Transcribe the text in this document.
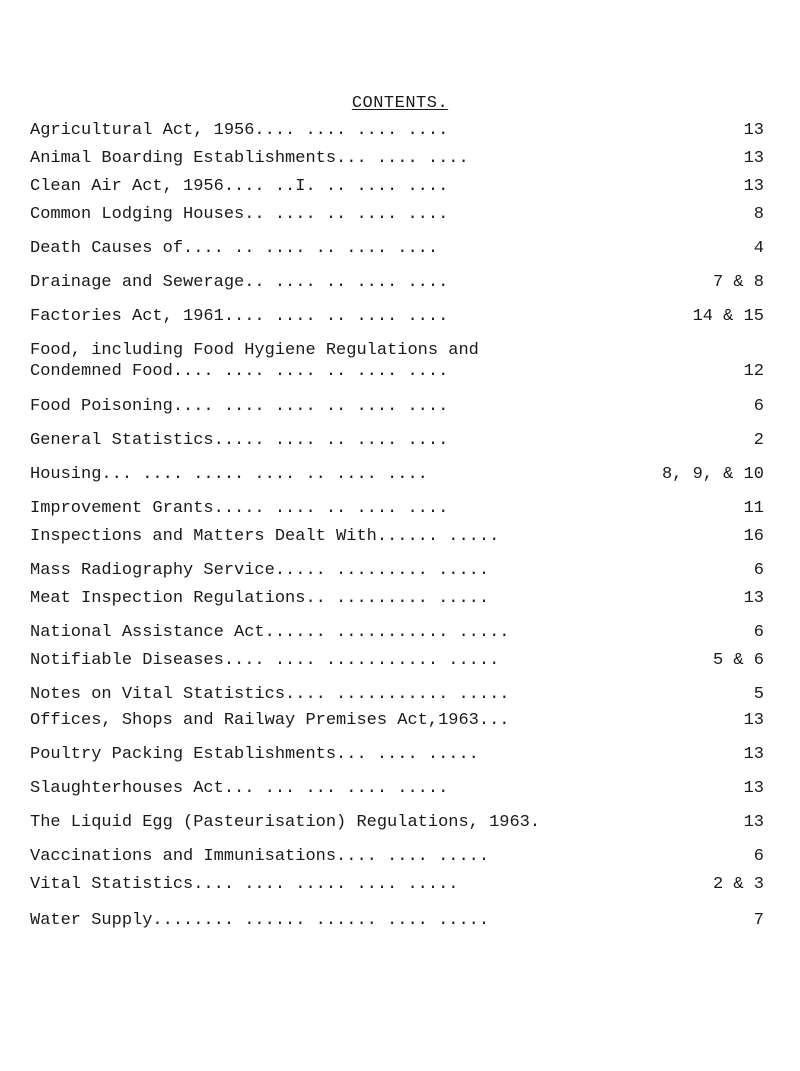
CONTENTS.
Agricultural Act, 1956.... .... .... ....	13
Animal Boarding Establishments... .... ....	13
Clean Air Act, 1956.... ..I. .. .... ....	13
Common Lodging Houses.. .... .. .... ....	8
Death Causes of.... .. .... .. .... ....	4
Drainage and Sewerage.. .... .. .... ....	7 & 8
Factories Act, 1961.... .... .. .... ....	14 & 15
Food, including Food Hygiene Regulations and
Condemned Food.... .... .... .. .... ....	12
Food Poisoning.... .... .... .. .... ....	6
General Statistics..... .... .. .... ....	2
Housing... .... ..... .... .. .... ....	8, 9, & 10
Improvement Grants..... .... .. .... ....	11
Inspections and Matters Dealt With...... .....	16
Mass Radiography Service..... ......... .....	6
Meat Inspection Regulations.. ......... .....	13
National Assistance Act...... ........... .....	6
Notifiable Diseases.... .... ........... .....	5 & 6
Notes on Vital Statistics.... ........... .....	5
Offices, Shops and Railway Premises Act,1963...	13
Poultry Packing Establishments... .... .....	13
Slaughterhouses Act... ... ... .... .....	13
The Liquid Egg (Pasteurisation) Regulations, 1963.	13
Vaccinations and Immunisations.... .... .....	6
Vital Statistics.... .... ..... .... .....	2 & 3
Water Supply........ ...... ...... .... .....	7
